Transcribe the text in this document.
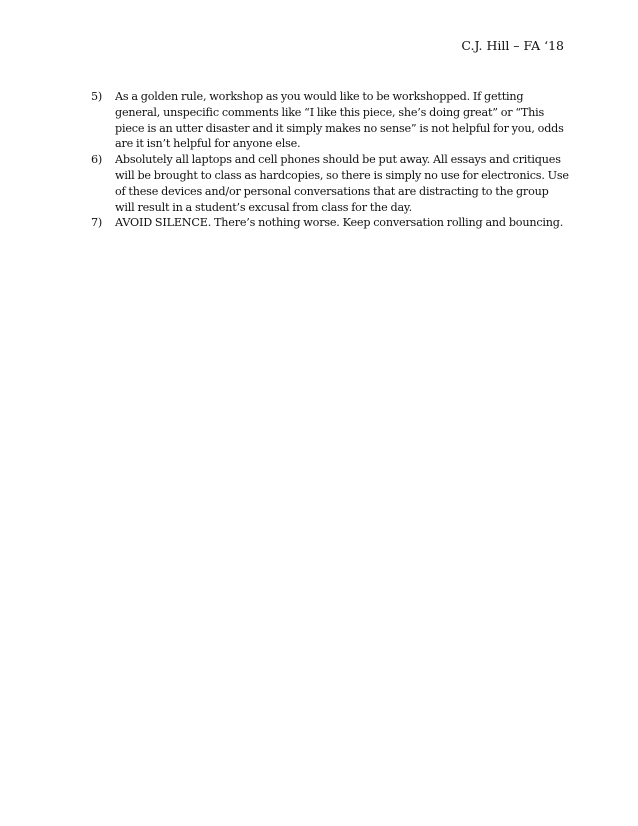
C.J. Hill – FA ‘18
5) As a golden rule, workshop as you would like to be workshopped. If getting general, unspecific comments like “I like this piece, she’s doing great” or “This piece is an utter disaster and it simply makes no sense” is not helpful for you, odds are it isn’t helpful for anyone else.
6) Absolutely all laptops and cell phones should be put away. All essays and critiques will be brought to class as hardcopies, so there is simply no use for electronics. Use of these devices and/or personal conversations that are distracting to the group will result in a student’s excusal from class for the day.
7) AVOID SILENCE. There’s nothing worse. Keep conversation rolling and bouncing.
